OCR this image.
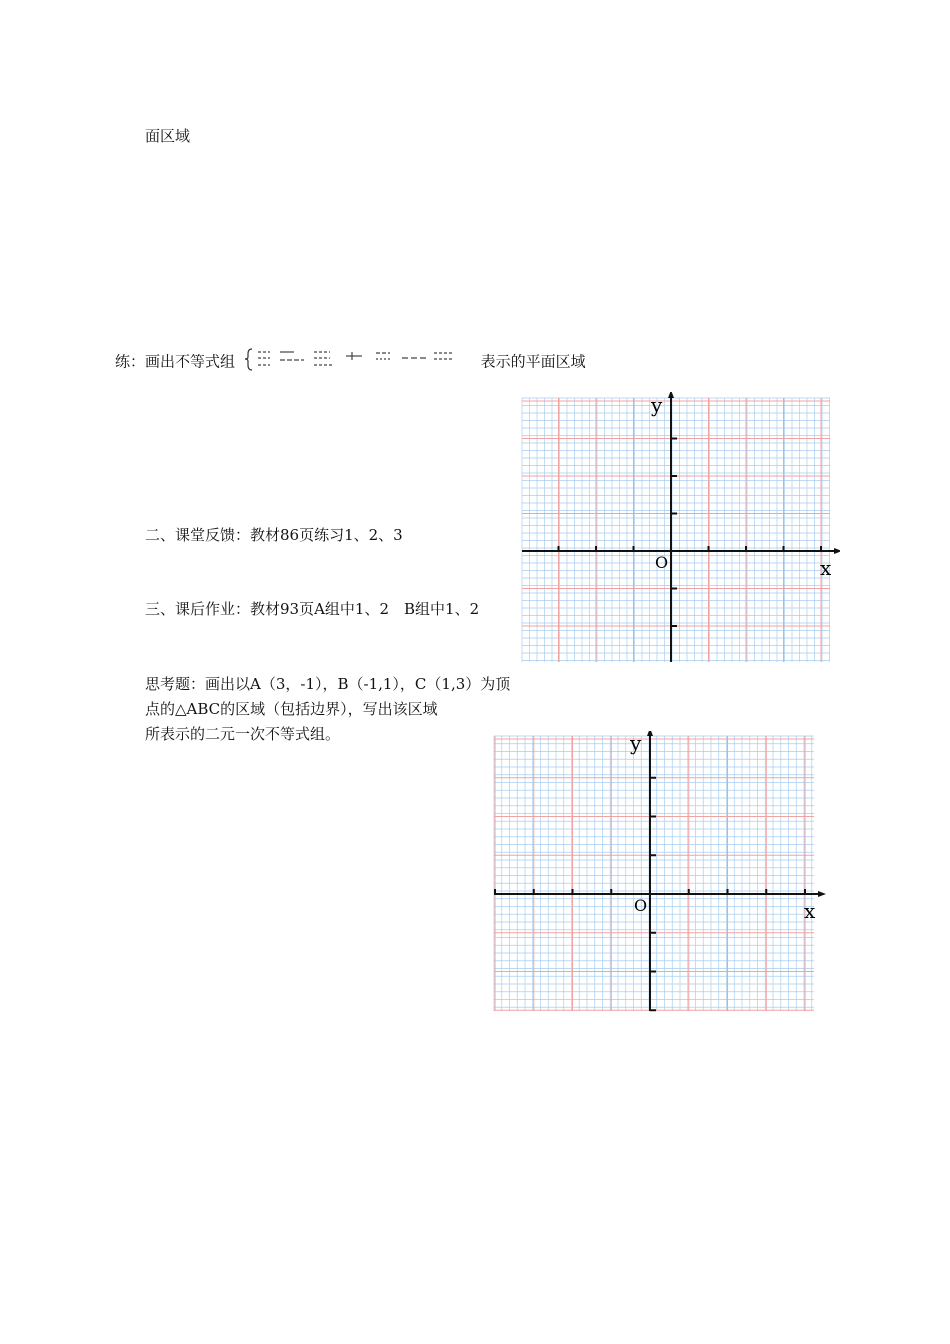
面区域
练：画出不等式组	表示的平面区域
二、课堂反馈：教材86页练习1、2、3
三、课后作业：教材93页A组中1、2　B组中1、2
思考题：画出以A（3，-1），B（-1,1），C（1,3）为顶
点的△ABC的区域（包括边界），写出该区域
所表示的二元一次不等式组。
y
x
O
y
x
O
